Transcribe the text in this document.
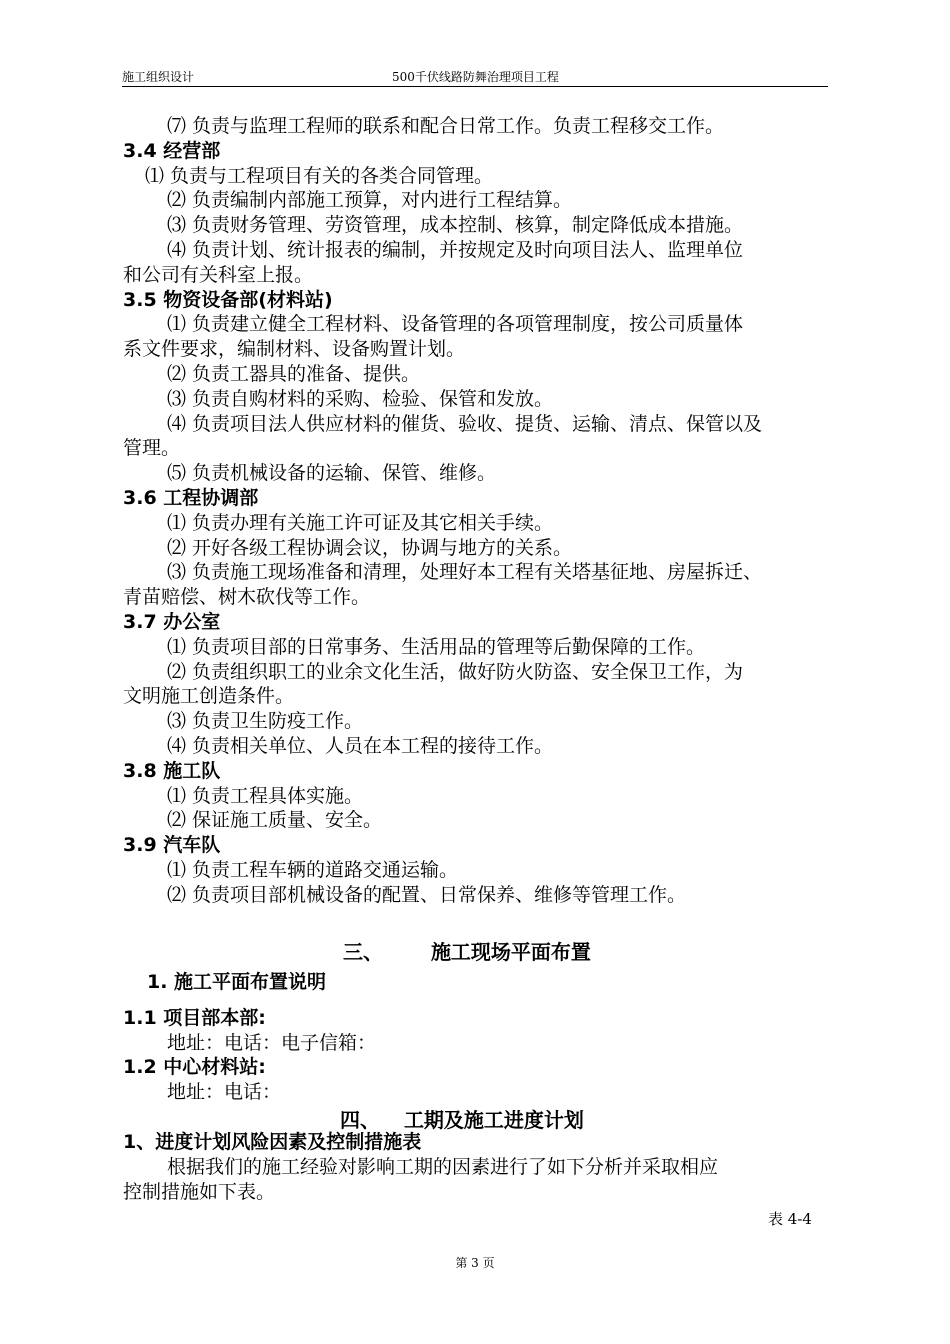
施工组织设计	500千伏线路防舞治理项目工程
⑺ 负责与监理工程师的联系和配合日常工作。负责工程移交工作。
3.4 经营部
⑴ 负责与工程项目有关的各类合同管理。
⑵ 负责编制内部施工预算，对内进行工程结算。
⑶ 负责财务管理、劳资管理，成本控制、核算，制定降低成本措施。
⑷ 负责计划、统计报表的编制，并按规定及时向项目法人、监理单位
和公司有关科室上报。
3.5 物资设备部(材料站)
⑴ 负责建立健全工程材料、设备管理的各项管理制度，按公司质量体
系文件要求，编制材料、设备购置计划。
⑵ 负责工器具的准备、提供。
⑶ 负责自购材料的采购、检验、保管和发放。
⑷ 负责项目法人供应材料的催货、验收、提货、运输、清点、保管以及
管理。
⑸ 负责机械设备的运输、保管、维修。
3.6 工程协调部
⑴ 负责办理有关施工许可证及其它相关手续。
⑵ 开好各级工程协调会议，协调与地方的关系。
⑶ 负责施工现场准备和清理，处理好本工程有关塔基征地、房屋拆迁、
青苗赔偿、树木砍伐等工作。
3.7 办公室
⑴ 负责项目部的日常事务、生活用品的管理等后勤保障的工作。
⑵ 负责组织职工的业余文化生活，做好防火防盗、安全保卫工作，为
文明施工创造条件。
⑶ 负责卫生防疫工作。
⑷ 负责相关单位、人员在本工程的接待工作。
3.8 施工队
⑴ 负责工程具体实施。
⑵ 保证施工质量、安全。
3.9 汽车队
⑴ 负责工程车辆的道路交通运输。
⑵ 负责项目部机械设备的配置、日常保养、维修等管理工作。
三、 施工现场平面布置
1. 施工平面布置说明
1.1 项目部本部:
地址：电话：电子信箱：
1.2 中心材料站:
地址：电话：
四、 工期及施工进度计划
1、进度计划风险因素及控制措施表
根据我们的施工经验对影响工期的因素进行了如下分析并采取相应
控制措施如下表。
表 4-4
第 3 页
